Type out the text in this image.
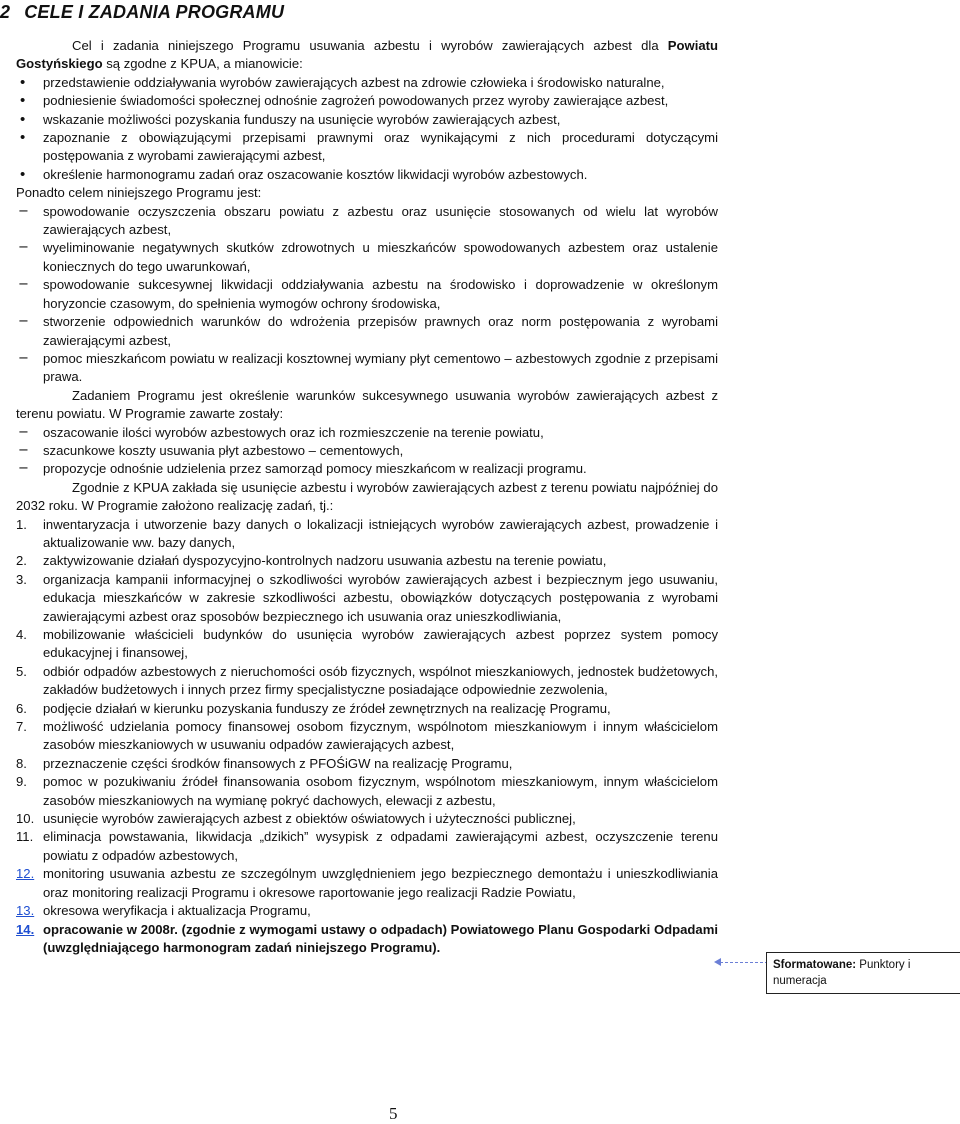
2 CELE I ZADANIA PROGRAMU

Cel i zadania niniejszego Programu usuwania azbestu i wyrobów zawierających azbest dla Powiatu Gostyńskiego są zgodne z KPUA, a mianowicie:

•	przedstawienie oddziaływania wyrobów zawierających azbest na zdrowie człowieka i środowisko naturalne,
•	podniesienie świadomości społecznej odnośnie zagrożeń powodowanych przez wyroby zawierające azbest,
•	wskazanie możliwości pozyskania funduszy na usunięcie wyrobów zawierających azbest,
•	zapoznanie z obowiązującymi przepisami prawnymi oraz wynikającymi z nich procedurami dotyczącymi postępowania z wyrobami zawierającymi azbest,
•	określenie harmonogramu zadań oraz oszacowanie kosztów likwidacji wyrobów azbestowych.

Ponadto celem niniejszego Programu jest:

−	spowodowanie oczyszczenia obszaru powiatu z azbestu oraz usunięcie stosowanych od wielu lat wyrobów zawierających azbest,
−	wyeliminowanie negatywnych skutków zdrowotnych u mieszkańców spowodowanych azbestem oraz ustalenie koniecznych do tego uwarunkowań,
−	spowodowanie sukcesywnej likwidacji oddziaływania azbestu na środowisko i doprowadzenie w określonym horyzoncie czasowym, do spełnienia wymogów ochrony środowiska,
−	stworzenie odpowiednich warunków do wdrożenia przepisów prawnych oraz norm postępowania z wyrobami zawierającymi azbest,
−	pomoc mieszkańcom powiatu w realizacji kosztownej wymiany płyt cementowo – azbestowych zgodnie z przepisami prawa.

Zadaniem Programu jest określenie warunków sukcesywnego usuwania wyrobów zawierających azbest z terenu powiatu. W Programie zawarte zostały:

−	oszacowanie ilości wyrobów azbestowych oraz ich rozmieszczenie na terenie powiatu,
−	szacunkowe koszty usuwania płyt azbestowo – cementowych,
−	propozycje odnośnie udzielenia przez samorząd pomocy mieszkańcom w realizacji programu.

Zgodnie z KPUA zakłada się usunięcie azbestu i wyrobów zawierających azbest z terenu powiatu najpóźniej do 2032 roku. W Programie założono realizację zadań, tj.:

1.	inwentaryzacja i utworzenie bazy danych o lokalizacji istniejących wyrobów zawierających azbest, prowadzenie i aktualizowanie ww. bazy danych,
2.	zaktywizowanie działań dyspozycyjno-kontrolnych nadzoru usuwania azbestu na terenie powiatu,
3.	organizacja kampanii informacyjnej o szkodliwości wyrobów zawierających azbest i bezpiecznym jego usuwaniu, edukacja mieszkańców w zakresie szkodliwości azbestu, obowiązków dotyczących postępowania z wyrobami zawierającymi azbest oraz sposobów bezpiecznego ich usuwania oraz unieszkodliwiania,
4.	mobilizowanie właścicieli budynków do usunięcia wyrobów zawierających azbest poprzez system pomocy edukacyjnej i finansowej,
5.	odbiór odpadów azbestowych z nieruchomości osób fizycznych, wspólnot mieszkaniowych, jednostek budżetowych, zakładów budżetowych i innych przez firmy specjalistyczne posiadające odpowiednie zezwolenia,
6.	podjęcie działań w kierunku pozyskania funduszy ze źródeł zewnętrznych na realizację Programu,
7.	możliwość udzielania pomocy finansowej osobom fizycznym, wspólnotom mieszkaniowym i innym właścicielom zasobów mieszkaniowych w usuwaniu odpadów zawierających azbest,
8.	przeznaczenie części środków finansowych z PFOŚiGW na realizację Programu,
9.	pomoc w pozukiwaniu źródeł finansowania osobom fizycznym, wspólnotom mieszkaniowym, innym właścicielom zasobów mieszkaniowych na wymianę pokryć dachowych, elewacji z azbestu,
10. usunięcie wyrobów zawierających azbest z obiektów oświatowych i użyteczności publicznej,
11. eliminacja powstawania, likwidacja „dzikich” wysypisk z odpadami zawierającymi azbest, oczyszczenie terenu powiatu z odpadów azbestowych,
12. monitoring usuwania azbestu ze szczególnym uwzględnieniem jego bezpiecznego demontażu i unieszkodliwiania oraz monitoring realizacji Programu i okresowe raportowanie jego realizacji Radzie Powiatu,
13. okresowa weryfikacja i aktualizacja Programu,
14. opracowanie w 2008r. (zgodnie z wymogami ustawy o odpadach) Powiatowego Planu Gospodarki Odpadami (uwzględniającego harmonogram zadań niniejszego Programu).
Sformatowane: Punktory i numeracja
5
